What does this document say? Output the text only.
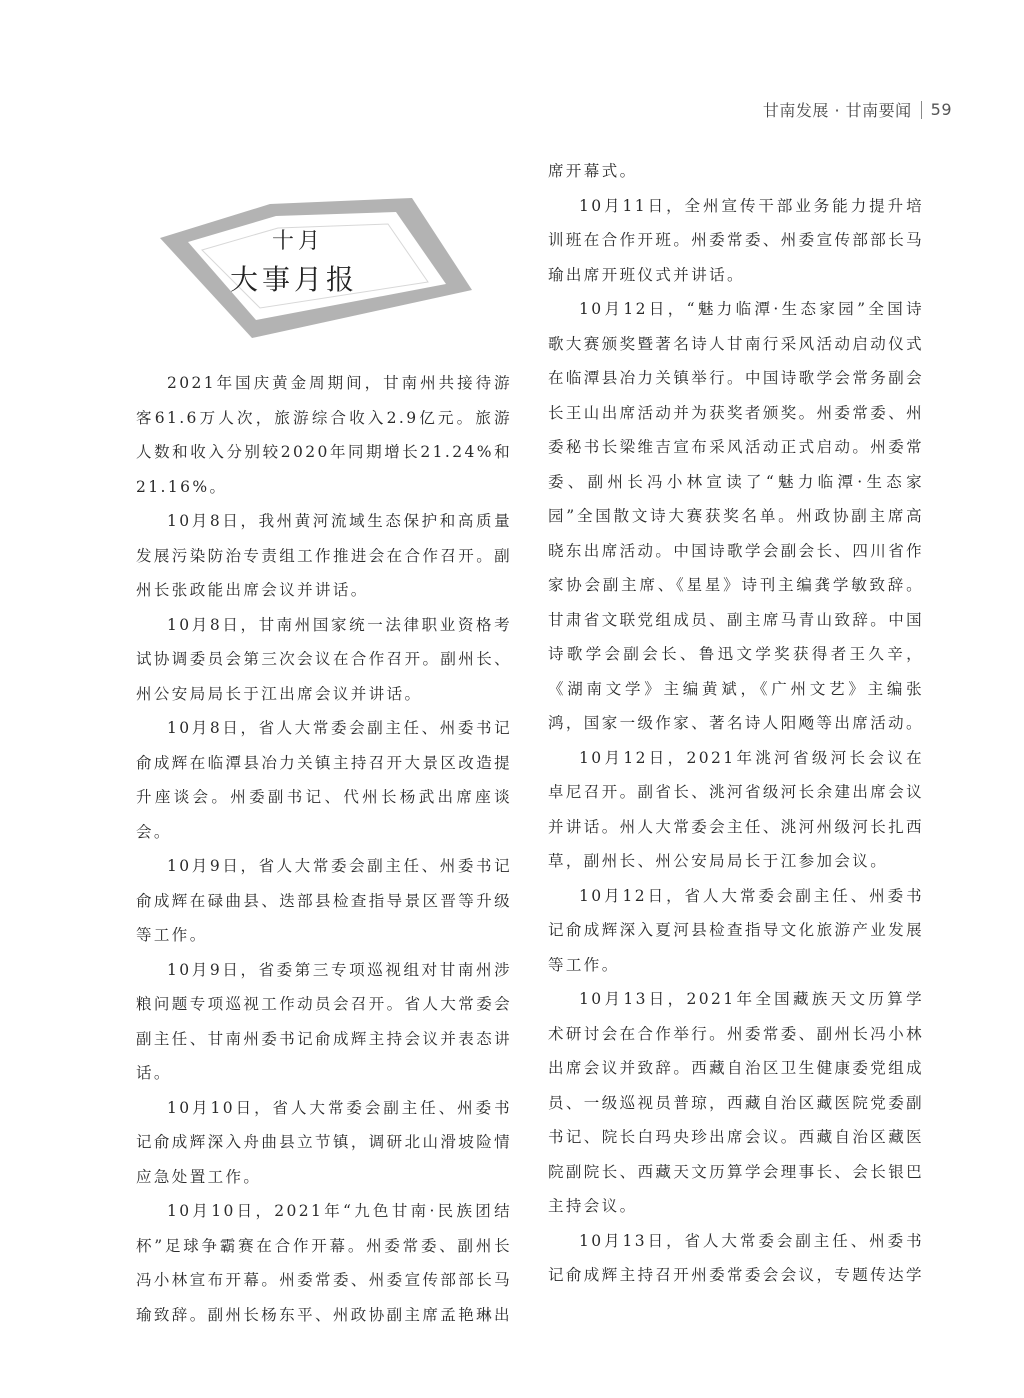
甘南发展 · 甘南要闻 59
十月
大事月报

2021年国庆黄金周期间，甘南州共接待游客61.6万人次，旅游综合收入2.9亿元。旅游人数和收入分别较2020年同期增长21.24%和21.16%。

10月8日，我州黄河流域生态保护和高质量发展污染防治专责组工作推进会在合作召开。副州长张政能出席会议并讲话。

10月8日，甘南州国家统一法律职业资格考试协调委员会第三次会议在合作召开。副州长、州公安局局长于江出席会议并讲话。

10月8日，省人大常委会副主任、州委书记俞成辉在临潭县冶力关镇主持召开大景区改造提升座谈会。州委副书记、代州长杨武出席座谈会。

10月9日，省人大常委会副主任、州委书记俞成辉在碌曲县、迭部县检查指导景区晋等升级等工作。

10月9日，省委第三专项巡视组对甘南州涉粮问题专项巡视工作动员会召开。省人大常委会副主任、甘南州委书记俞成辉主持会议并表态讲话。

10月10日，省人大常委会副主任、州委书记俞成辉深入舟曲县立节镇，调研北山滑坡险情应急处置工作。

10月10日，2021年“九色甘南·民族团结杯”足球争霸赛在合作开幕。州委常委、副州长冯小林宣布开幕。州委常委、州委宣传部部长马瑜致辞。副州长杨东平、州政协副主席孟艳琳出

席开幕式。

10月11日，全州宣传干部业务能力提升培训班在合作开班。州委常委、州委宣传部部长马瑜出席开班仪式并讲话。

10月12日，“魅力临潭·生态家园”全国诗歌大赛颁奖暨著名诗人甘南行采风活动启动仪式在临潭县冶力关镇举行。中国诗歌学会常务副会长王山出席活动并为获奖者颁奖。州委常委、州委秘书长梁维吉宣布采风活动正式启动。州委常委、副州长冯小林宣读了“魅力临潭·生态家园”全国散文诗大赛获奖名单。州政协副主席高晓东出席活动。中国诗歌学会副会长、四川省作家协会副主席、《星星》诗刊主编龚学敏致辞。甘肃省文联党组成员、副主席马青山致辞。中国诗歌学会副会长、鲁迅文学奖获得者王久辛，《湖南文学》主编黄斌，《广州文艺》主编张鸿，国家一级作家、著名诗人阳飏等出席活动。

10月12日，2021年洮河省级河长会议在卓尼召开。副省长、洮河省级河长余建出席会议并讲话。州人大常委会主任、洮河州级河长扎西草，副州长、州公安局局长于江参加会议。

10月12日，省人大常委会副主任、州委书记俞成辉深入夏河县检查指导文化旅游产业发展等工作。

10月13日，2021年全国藏族天文历算学术研讨会在合作举行。州委常委、副州长冯小林出席会议并致辞。西藏自治区卫生健康委党组成员、一级巡视员普琼，西藏自治区藏医院党委副书记、院长白玛央珍出席会议。西藏自治区藏医院副院长、西藏天文历算学会理事长、会长银巴主持会议。

10月13日，省人大常委会副主任、州委书记俞成辉主持召开州委常委会会议，专题传达学
